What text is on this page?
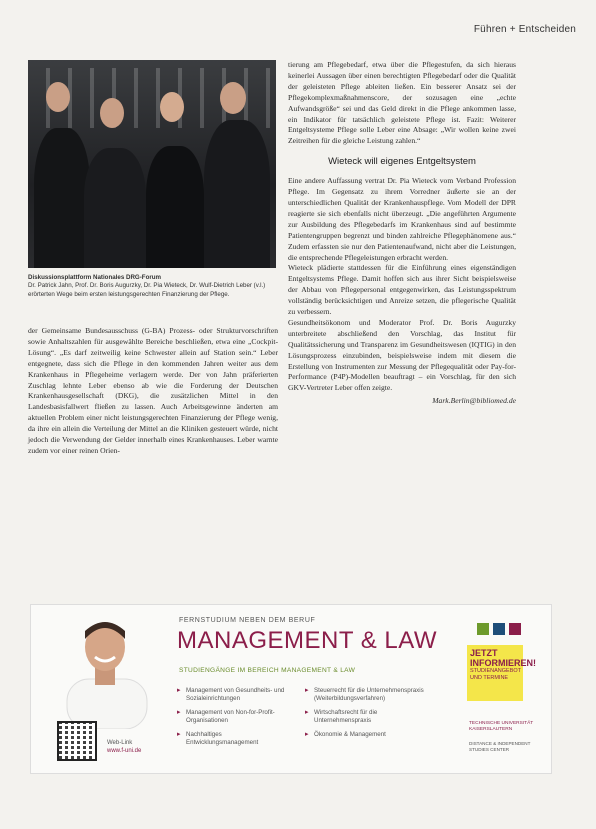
Führen + Entscheiden
Diskussionsplattform Nationales DRG-Forum
Dr. Patrick Jahn, Prof. Dr. Boris Augurzky, Dr. Pia Wieteck, Dr. Wulf-Dietrich Leber (v.l.) erörterten Wege beim ersten leistungsgerechten Finanzierung der Pflege.
der Gemeinsame Bundesausschuss (G-BA) Prozess- oder Strukturvorschriften sowie Anhaltszahlen für ausgewählte Bereiche beschließen, etwa eine „Cockpit-Lösung“. „Es darf zeitweilig keine Schwester allein auf Station sein.“ Leber entgegnete, dass sich die Pflege in den kommenden Jahren weiter aus dem Krankenhaus in Pflegeheime verlagern werde. Der von Jahn präferierten Zuschlag lehnte Leber ebenso ab wie die Forderung der Deutschen Krankenhausgesellschaft (DKG), die zusätzlichen Mittel in den Landesbasisfallwert fließen zu lassen. Auch Arbeitsgewinne änderten am aktuellen Problem einer nicht leistungsgerechten Finanzierung der Pflege wenig, da ihre ein allein die Verteilung der Mittel an die Kliniken gesteuert würde, nicht jedoch die Verwendung der Gelder innerhalb eines Krankenhauses. Leber warnte zudem vor einer reinen Orien-

tierung am Pflegebedarf, etwa über die Pflegestufen, da sich hieraus keinerlei Aussagen über einen berechtigten Pflegebedarf oder die Qualität der geleisteten Pflege ableiten ließen. Ein besserer Ansatz sei der Pflegekomplexmaßnahmenscore, der sozusagen eine „echte Aufwandsgröße“ sei und das Geld direkt in die Pflege ankommen lasse, ein Indikator für tatsächlich geleistete Pflege ist. Fazit: Weiterer Entgeltsysteme Pflege solle Leber eine Absage: „Wir wollen keine zwei Zeitreihen für die gleiche Leistung zahlen.“

Wieteck will eigenes Entgeltsystem

Eine andere Auffassung vertrat Dr. Pia Wieteck vom Verband Profession Pflege. Im Gegensatz zu ihrem Vorredner äußerte sie an der unterschiedlichen Qualität der Krankenhauspflege. Vom Modell der DPR reagierte sie sich ebenfalls nicht überzeugt. „Die angeführten Argumente zur Ausbildung des Pflegebedarfs im Krankenhaus sind auf bestimmte Patientengruppen begrenzt und binden zahlreiche Pflegephänomene aus.“ Zudem erfassten sie nur den Patientenaufwand, nicht aber die Leistungen, die entsprechende Pflegeleistungen erbracht werden.

Wieteck plädierte stattdessen für die Einführung eines eigenständigen Entgeltsystems Pflege. Damit hoffen sich aus ihrer Sicht beispielsweise der Abbau von Pflegepersonal entgegenwirken, das Leistungsspektrum vollständig berücksichtigen und Anreize setzen, die pflegerische Qualität zu verbessern.

Gesundheitsökonom und Moderator Prof. Dr. Boris Augurzky unterbreitete abschließend den Vorschlag, das Institut für Qualitätssicherung und Transparenz im Gesundheitswesen (IQTIG) in den Lösungsprozess einzubinden, beispielsweise indem mit diesem die Erstellung von Instrumenten zur Messung der Pflegequalität oder Pay-for-Performance (P4P)-Modellen beauftragt – ein Vorschlag, für den sich GKV-Vertreter Leber offen zeigte.

Mark.Berlin@bibliomed.de
FERNSTUDIUM NEBEN DEM BERUF
MANAGEMENT & LAW
STUDIENGÄNGE IM BEREICH MANAGEMENT & LAW
▸ Management von Gesundheits- und Sozialeinrichtungen
▸ Management von Non-for-Profit-Organisationen
▸ Nachhaltiges Entwicklungsmanagement
▸ Steuerrecht für die Unternehmenspraxis (Weiterbildungsverfahren)
▸ Wirtschaftsrecht für die Unternehmenspraxis
▸ Ökonomie & Management
JETZT INFORMIEREN!
STUDIENANGEBOT UND TERMINE
TECHNISCHE UNIVERSITÄT KAISERSLAUTERN
DISTANCE & INDEPENDENT STUDIES CENTER
Web-Link
www.f-uni.de
